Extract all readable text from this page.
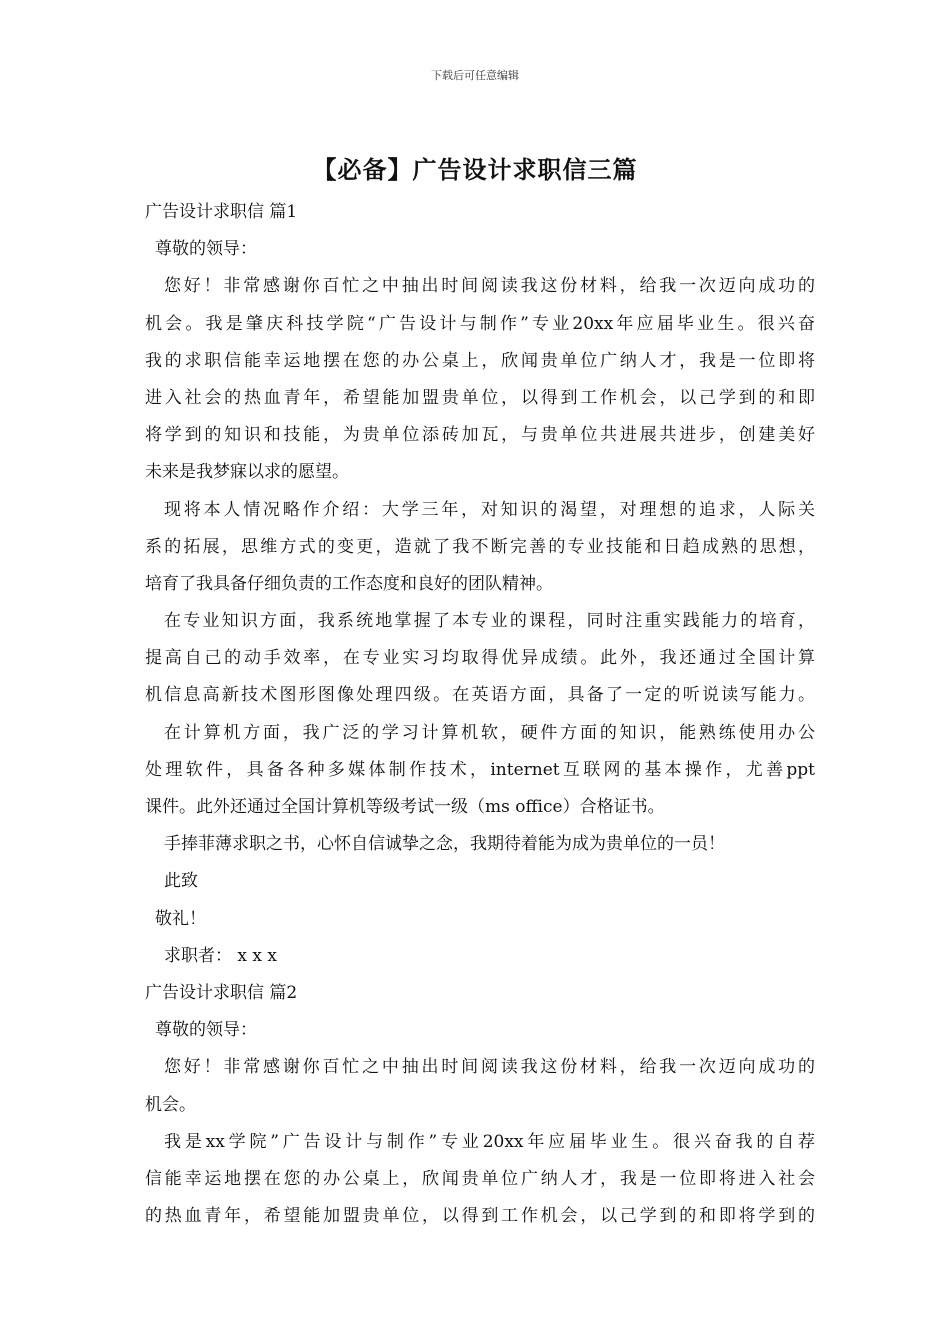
下载后可任意编辑
【必备】广告设计求职信三篇
广告设计求职信 篇1
尊敬的领导：
您好！非常感谢你百忙之中抽出时间阅读我这份材料，给我一次迈向成功的
机会。我是肇庆科技学院“广告设计与制作”专业20xx年应届毕业生。很兴奋
我的求职信能幸运地摆在您的办公桌上，欣闻贵单位广纳人才，我是一位即将
进入社会的热血青年，希望能加盟贵单位，以得到工作机会，以己学到的和即
将学到的知识和技能，为贵单位添砖加瓦，与贵单位共进展共进步，创建美好
未来是我梦寐以求的愿望。
现将本人情况略作介绍：大学三年，对知识的渴望，对理想的追求，人际关
系的拓展，思维方式的变更，造就了我不断完善的专业技能和日趋成熟的思想，
培育了我具备仔细负责的工作态度和良好的团队精神。
在专业知识方面，我系统地掌握了本专业的课程，同时注重实践能力的培育，
提高自己的动手效率，在专业实习均取得优异成绩。此外，我还通过全国计算
机信息高新技术图形图像处理四级。在英语方面，具备了一定的听说读写能力。
在计算机方面，我广泛的学习计算机软，硬件方面的知识，能熟练使用办公
处理软件，具备各种多媒体制作技术，internet互联网的基本操作，尤善ppt
课件。此外还通过全国计算机等级考试一级（ms office）合格证书。
手捧菲薄求职之书，心怀自信诚挚之念，我期待着能为成为贵单位的一员！
此致
敬礼！
求职者： x x x
广告设计求职信 篇2
尊敬的领导：
您好！非常感谢你百忙之中抽出时间阅读我这份材料，给我一次迈向成功的
机会。
我是xx学院”广告设计与制作”专业20xx年应届毕业生。很兴奋我的自荐
信能幸运地摆在您的办公桌上，欣闻贵单位广纳人才，我是一位即将进入社会
的热血青年，希望能加盟贵单位，以得到工作机会，以己学到的和即将学到的
